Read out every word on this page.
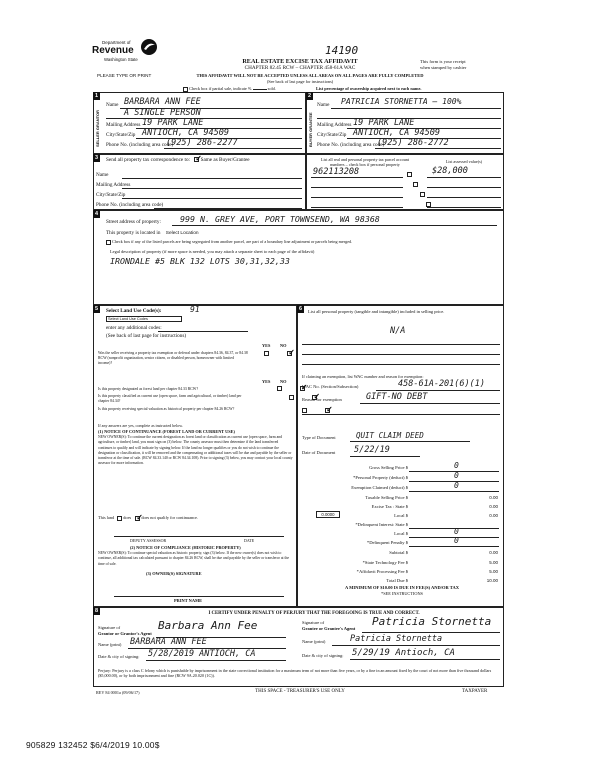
Department of
Revenue
Washington State
PLEASE TYPE OR PRINT
14190
REAL ESTATE EXCISE TAX AFFIDAVIT
CHAPTER 82.45 RCW – CHAPTER 458-61A WAC
This form is your receipt
when stamped by cashier
THIS AFFIDAVIT WILL NOT BE ACCEPTED UNLESS ALL AREAS ON ALL PAGES ARE FULLY COMPLETED
(See back of last page for instructions)
Check box if partial sale, indicate %	sold.	List percentage of ownership acquired next to each name.
1
SELLER GRANTOR
Name BARBARA ANN FEE
A SINGLE PERSON
Mailing Address 19 PARK LANE
City/State/Zip ANTIOCH, CA 94509
Phone No. (including area code)
(925) 286-2277
2
BUYER GRANTEE
Name PATRICIA STORNETTA – 100%
Mailing Address 19 PARK LANE
City/State/Zip ANTIOCH, CA 94509
Phone No. (including area code)
(925) 286-2772
3	Send all property tax correspondence to: ✓ Same as Buyer/Grantee
Name
Mailing Address
City/State/Zip
Phone No. (including area code)
List all real and personal property tax parcel account
numbers – check box if personal property
List assessed value(s)
962113208	$28,000

4
Street address of property: 999 N. GREY AVE, PORT TOWNSEND, WA 98368
This property is located in Select Location
Check box if any of the listed parcels are being segregated from another parcel, are part of a boundary line adjustment or parcels being merged.
Legal description of property (if more space is needed, you may attach a separate sheet to each page of the affidavit)
IRONDALE #5 BLK 132 LOTS 30,31,32,33
5	Select Land Use Code(s):	91
Select Land Use Codes
enter any additional codes:
(See back of last page for instructions)
YES NO
Was the seller receiving a property tax exemption or deferral under chapters 84.36, 84.37, or 84.38 RCW (nonprofit organization, senior citizen, or disabled person, homeowner with limited income)?
✓
YES NO
Is this property designated as forest land per chapter 84.33 RCW?
✓
Is this property classified as current use (open space, farm and agricultural, or timber) land per chapter 84.34?
✓
Is this property receiving special valuation as historical property per chapter 84.26 RCW?
✓
If any answers are yes, complete as instructed below.
(1) NOTICE OF CONTINUANCE (FOREST LAND OR CURRENT USE)
NEW OWNER(S): To continue the current designation as forest land or classification as current use (open space, farm and agriculture, or timber) land, you must sign on (3) below. The county assessor must then determine if the land transferred continues to qualify and will indicate by signing below. If the land no longer qualifies or you do not wish to continue the designation or classification, it will be removed and the compensating or additional taxes will be due and payable by the seller or transferor at the time of sale. (RCW 84.33.140 or RCW 84.34.108). Prior to signing (3) below, you may contact your local county assessor for more information.
This land does ✓ does not qualify for continuance.
DEPUTY ASSESSOR	DATE
(2) NOTICE OF COMPLIANCE (HISTORIC PROPERTY)
NEW OWNER(S): To continue special valuation as historic property, sign (3) below. If the new owner(s) does not wish to continue, all additional tax calculated pursuant to chapter 84.26 RCW, shall be due and payable by the seller or transferor at the time of sale.
(3) OWNER(S) SIGNATURE
PRINT NAME
6	List all personal property (tangible and intangible) included in selling price.
N/A
If claiming an exemption, list WAC number and reason for exemption:
WAC No. (Section/Subsection)	458-61A-201(6)(1)
Reason for exemption	GIFT-NO DEBT
Type of Document	QUIT CLAIM DEED
Date of Document 5/22/19
Gross Selling Price $	0
*Personal Property (deduct) $	0
Exemption Claimed (deduct) $	0
Taxable Selling Price $	0.00
Excise Tax : State $	0.00
0.0000	Local $	0.00
*Delinquent Interest: State $
Local $	0
*Delinquent Penalty $	0
Subtotal $	0.00
*State Technology Fee $	5.00
*Affidavit Processing Fee $	5.00
Total Due $	10.00
A MINIMUM OF $10.00 IS DUE IN FEE(S) AND/OR TAX
*SEE INSTRUCTIONS
8	I CERTIFY UNDER PENALTY OF PERJURY THAT THE FOREGOING IS TRUE AND CORRECT.
Signature of
Grantor or Grantor's Agent
Barbara Ann Fee
Name (print) BARBARA ANN FEE
Date & city of signing: 5/28/2019 ANTIOCH, CA
Signature of
Grantee or Grantee's Agent
Patricia Stornetta
Name (print)	Patricia Stornetta
Date & city of signing: 5/29/19 Antioch, CA
Perjury: Perjury is a class C felony which is punishable by imprisonment in the state correctional institution for a maximum term of not more than five years, or by a fine in an amount fixed by the court of not more than five thousand dollars ($5,000.00), or by both imprisonment and fine (RCW 9A.20.020 (1C)).
REV 84 0001a (09/06/17)	THIS SPACE - TREASURER'S USE ONLY	TAXPAYER
905829 132452 $6/4/2019 10.00$
